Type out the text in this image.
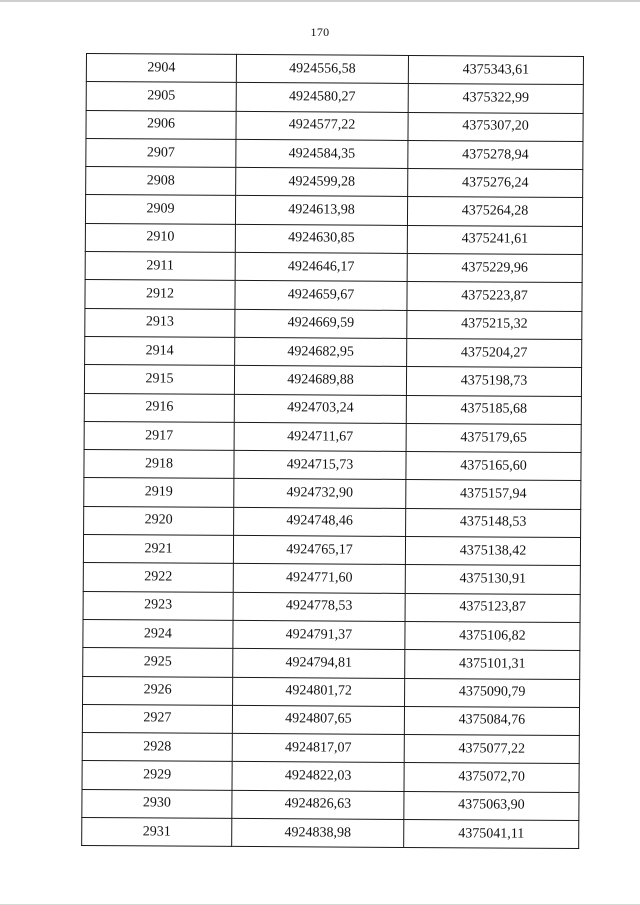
170
2904	4924556,58	4375343,61
2905	4924580,27	4375322,99
2906	4924577,22	4375307,20
2907	4924584,35	4375278,94
2908	4924599,28	4375276,24
2909	4924613,98	4375264,28
2910	4924630,85	4375241,61
2911	4924646,17	4375229,96
2912	4924659,67	4375223,87
2913	4924669,59	4375215,32
2914	4924682,95	4375204,27
2915	4924689,88	4375198,73
2916	4924703,24	4375185,68
2917	4924711,67	4375179,65
2918	4924715,73	4375165,60
2919	4924732,90	4375157,94
2920	4924748,46	4375148,53
2921	4924765,17	4375138,42
2922	4924771,60	4375130,91
2923	4924778,53	4375123,87
2924	4924791,37	4375106,82
2925	4924794,81	4375101,31
2926	4924801,72	4375090,79
2927	4924807,65	4375084,76
2928	4924817,07	4375077,22
2929	4924822,03	4375072,70
2930	4924826,63	4375063,90
2931	4924838,98	4375041,11
